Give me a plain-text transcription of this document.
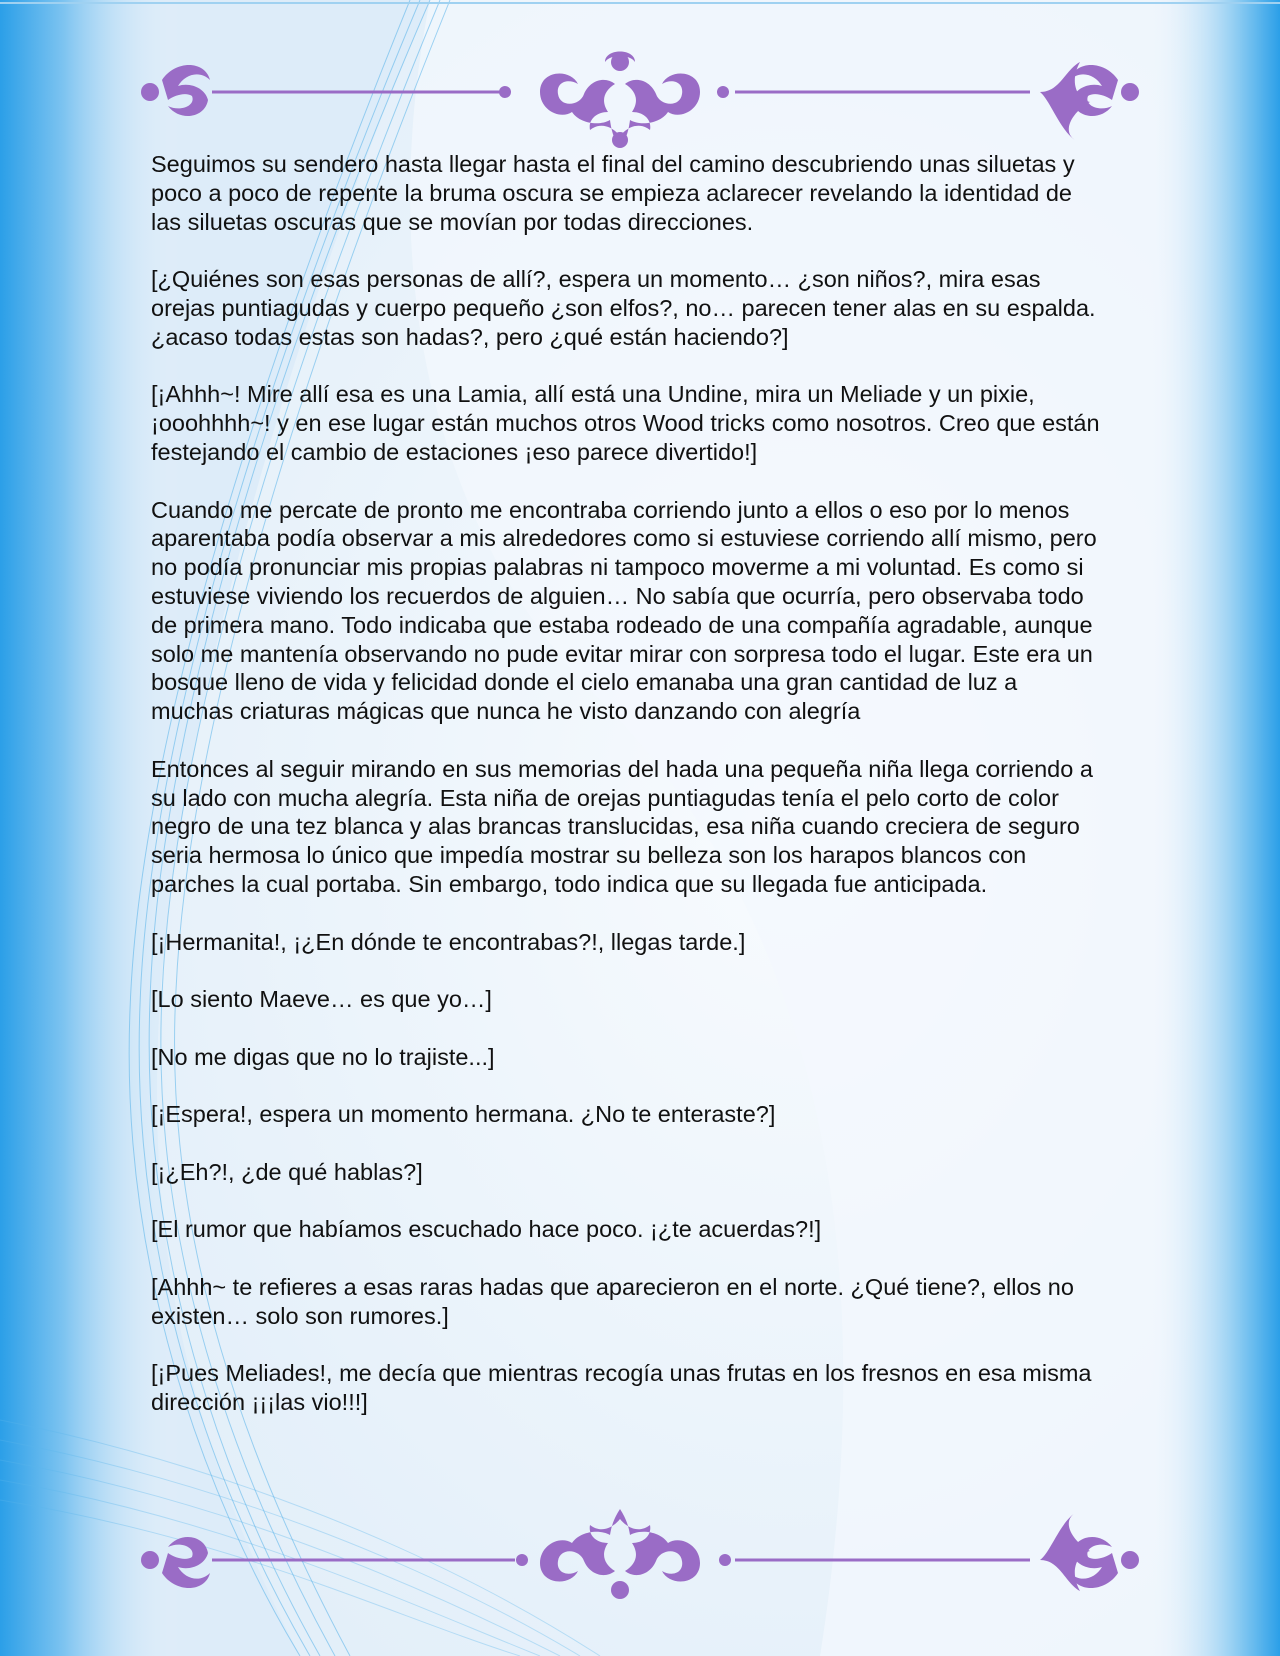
Seguimos su sendero hasta llegar hasta el final del camino descubriendo unas siluetas y poco a poco de repente la bruma oscura se empieza aclarecer revelando la identidad de las siluetas oscuras que se movían por todas direcciones.

[¿Quiénes son esas personas de allí?, espera un momento… ¿son niños?, mira esas orejas puntiagudas y cuerpo pequeño ¿son elfos?, no… parecen tener alas en su espalda. ¿acaso todas estas son hadas?, pero ¿qué están haciendo?]

[¡Ahhh~! Mire allí esa es una Lamia, allí está una Undine, mira un Meliade y un pixie, ¡ooohhhh~! y en ese lugar están muchos otros Wood tricks como nosotros. Creo que están festejando el cambio de estaciones ¡eso parece divertido!]

Cuando me percate de pronto me encontraba corriendo junto a ellos o eso por lo menos aparentaba podía observar a mis alrededores como si estuviese corriendo allí mismo, pero no podía pronunciar mis propias palabras ni tampoco moverme a mi voluntad. Es como si estuviese viviendo los recuerdos de alguien… No sabía que ocurría, pero observaba todo de primera mano. Todo indicaba que estaba rodeado de una compañía agradable, aunque solo me mantenía observando no pude evitar mirar con sorpresa todo el lugar. Este era un bosque lleno de vida y felicidad donde el cielo emanaba una gran cantidad de luz a muchas criaturas mágicas que nunca he visto danzando con alegría

Entonces al seguir mirando en sus memorias del hada una pequeña niña llega corriendo a su lado con mucha alegría. Esta niña de orejas puntiagudas tenía el pelo corto de color negro de una tez blanca y alas brancas translucidas, esa niña cuando creciera de seguro seria hermosa lo único que impedía mostrar su belleza son los harapos blancos con parches la cual portaba. Sin embargo, todo indica que su llegada fue anticipada.

[¡Hermanita!, ¡¿En dónde te encontrabas?!, llegas tarde.]

[Lo siento Maeve… es que yo…]

[No me digas que no lo trajiste...]

[¡Espera!, espera un momento hermana. ¿No te enteraste?]

[¡¿Eh?!, ¿de qué hablas?]

[El rumor que habíamos escuchado hace poco. ¡¿te acuerdas?!]

[Ahhh~ te refieres a esas raras hadas que aparecieron en el norte. ¿Qué tiene?, ellos no existen… solo son rumores.]

[¡Pues Meliades!, me decía que mientras recogía unas frutas en los fresnos en esa misma dirección ¡¡¡las vio!!!]
